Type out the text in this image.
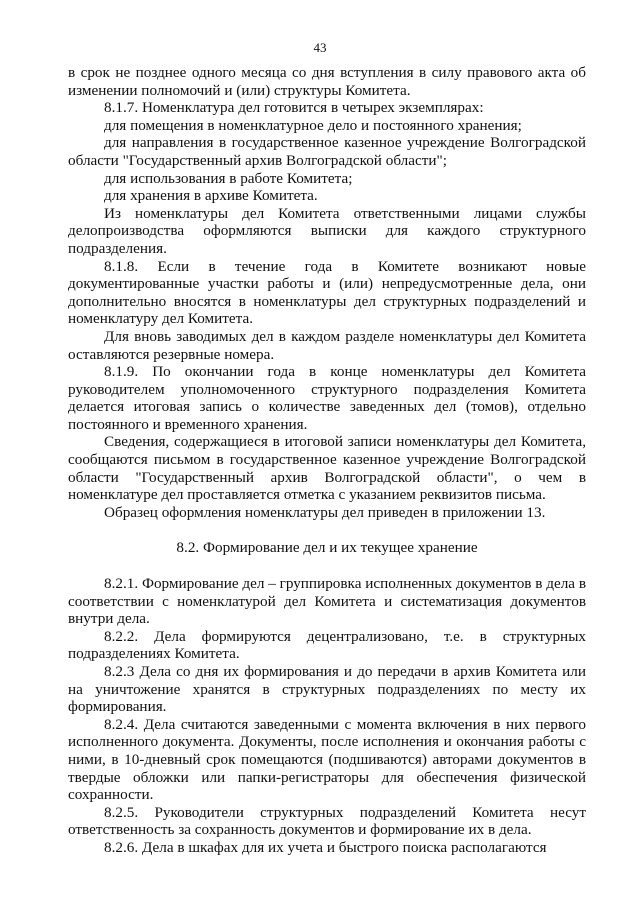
43

в срок не позднее одного месяца со дня вступления в силу правового акта об изменении полномочий и (или) структуры Комитета.

8.1.7. Номенклатура дел готовится в четырех экземплярах:

для помещения в номенклатурное дело и постоянного хранения;

для направления в государственное казенное учреждение Волгоградской области "Государственный архив Волгоградской области";

для использования в работе Комитета;

для хранения в архиве Комитета.

Из номенклатуры дел Комитета ответственными лицами службы делопроизводства оформляются выписки для каждого структурного подразделения.

8.1.8. Если в течение года в Комитете возникают новые документированные участки работы и (или) непредусмотренные дела, они дополнительно вносятся в номенклатуры дел структурных подразделений и номенклатуру дел Комитета.

Для вновь заводимых дел в каждом разделе номенклатуры дел Комитета оставляются резервные номера.

8.1.9. По окончании года в конце номенклатуры дел Комитета руководителем уполномоченного структурного подразделения Комитета делается итоговая запись о количестве заведенных дел (томов), отдельно постоянного и временного хранения.

Сведения, содержащиеся в итоговой записи номенклатуры дел Комитета, сообщаются письмом в государственное казенное учреждение Волгоградской области "Государственный архив Волгоградской области", о чем в номенклатуре дел проставляется отметка с указанием реквизитов письма.

Образец оформления номенклатуры дел приведен в приложении 13.

8.2. Формирование дел и их текущее хранение

8.2.1. Формирование дел – группировка исполненных документов в дела в соответствии с номенклатурой дел Комитета и систематизация документов внутри дела.

8.2.2. Дела формируются децентрализовано, т.е. в структурных подразделениях Комитета.

8.2.3 Дела со дня их формирования и до передачи в архив Комитета или на уничтожение хранятся в структурных подразделениях по месту их формирования.

8.2.4. Дела считаются заведенными с момента включения в них первого исполненного документа. Документы, после исполнения и окончания работы с ними, в 10-дневный срок помещаются (подшиваются) авторами документов в твердые обложки или папки-регистраторы для обеспечения физической сохранности.

8.2.5. Руководители структурных подразделений Комитета несут ответственность за сохранность документов и формирование их в дела.

8.2.6. Дела в шкафах для их учета и быстрого поиска располагаются
